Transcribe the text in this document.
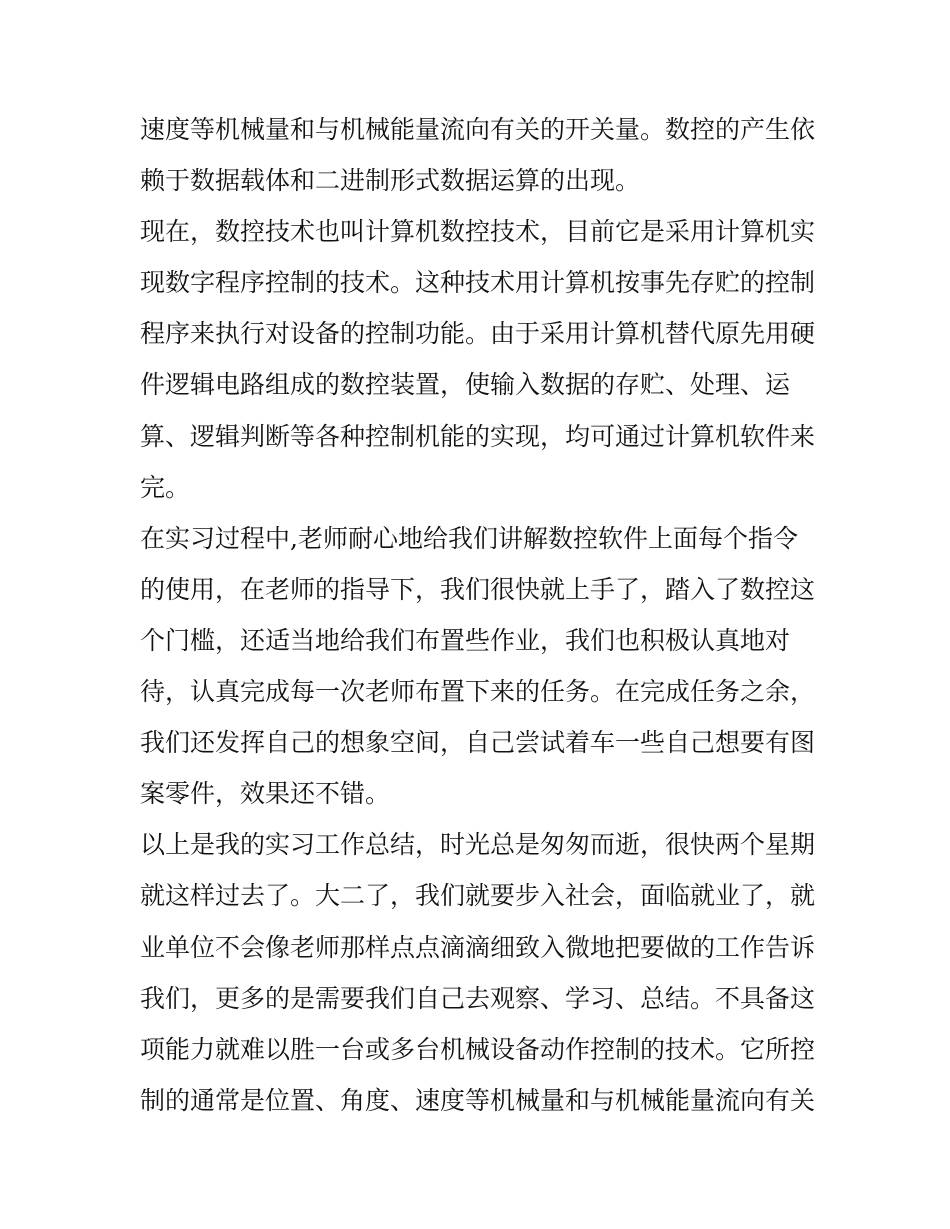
速度等机械量和与机械能量流向有关的开关量。数控的产生依
赖于数据载体和二进制形式数据运算的出现。
现在，数控技术也叫计算机数控技术，目前它是采用计算机实
现数字程序控制的技术。这种技术用计算机按事先存贮的控制
程序来执行对设备的控制功能。由于采用计算机替代原先用硬
件逻辑电路组成的数控装置，使输入数据的存贮、处理、运
算、逻辑判断等各种控制机能的实现，均可通过计算机软件来
完。
在实习过程中,老师耐心地给我们讲解数控软件上面每个指令
的使用，在老师的指导下，我们很快就上手了，踏入了数控这
个门槛，还适当地给我们布置些作业，我们也积极认真地对
待，认真完成每一次老师布置下来的任务。在完成任务之余，
我们还发挥自己的想象空间，自己尝试着车一些自己想要有图
案零件，效果还不错。
以上是我的实习工作总结，时光总是匆匆而逝，很快两个星期
就这样过去了。大二了，我们就要步入社会，面临就业了，就
业单位不会像老师那样点点滴滴细致入微地把要做的工作告诉
我们，更多的是需要我们自己去观察、学习、总结。不具备这
项能力就难以胜一台或多台机械设备动作控制的技术。它所控
制的通常是位置、角度、速度等机械量和与机械能量流向有关
